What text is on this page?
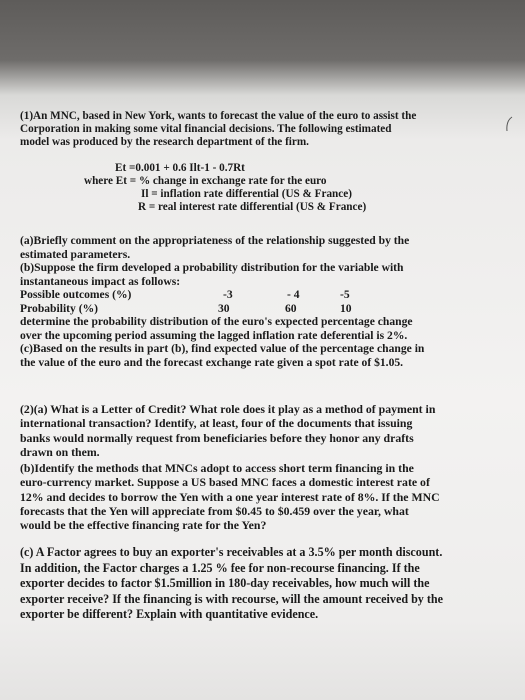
(1)An MNC, based in New York, wants to forecast the value of the euro to assist the
Corporation in making some vital financial decisions. The following estimated
model was produced by the research department of the firm.
Et =0.001 + 0.6 Ilt-1 - 0.7Rt
where Et = % change in exchange rate for the euro
Il = inflation rate differential (US & France)
R = real interest rate differential (US & France)
(a)Briefly comment on the appropriateness of the relationship suggested by the
estimated parameters.
(b)Suppose the firm developed a probability distribution for the variable with
instantaneous impact as follows:
Possible outcomes (%)	-3	- 4	-5
Probability (%)	30	60	10
determine the probability distribution of the euro's expected percentage change
over the upcoming period assuming the lagged inflation rate deferential is 2%.
(c)Based on the results in part (b), find expected value of the percentage change in
the value of the euro and the forecast exchange rate given a spot rate of $1.05.
(2)(a) What is a Letter of Credit? What role does it play as a method of payment in
international transaction? Identify, at least, four of the documents that issuing
banks would normally request from beneficiaries before they honor any drafts
drawn on them.
(b)Identify the methods that MNCs adopt to access short term financing in the
euro-currency market. Suppose a US based MNC faces a domestic interest rate of
12% and decides to borrow the Yen with a one year interest rate of 8%. If the MNC
forecasts that the Yen will appreciate from $0.45 to $0.459 over the year, what
would be the effective financing rate for the Yen?
(c) A Factor agrees to buy an exporter's receivables at a 3.5% per month discount.
In addition, the Factor charges a 1.25 % fee for non-recourse financing. If the
exporter decides to factor $1.5million in 180-day receivables, how much will the
exporter receive? If the financing is with recourse, will the amount received by the
exporter be different? Explain with quantitative evidence.
